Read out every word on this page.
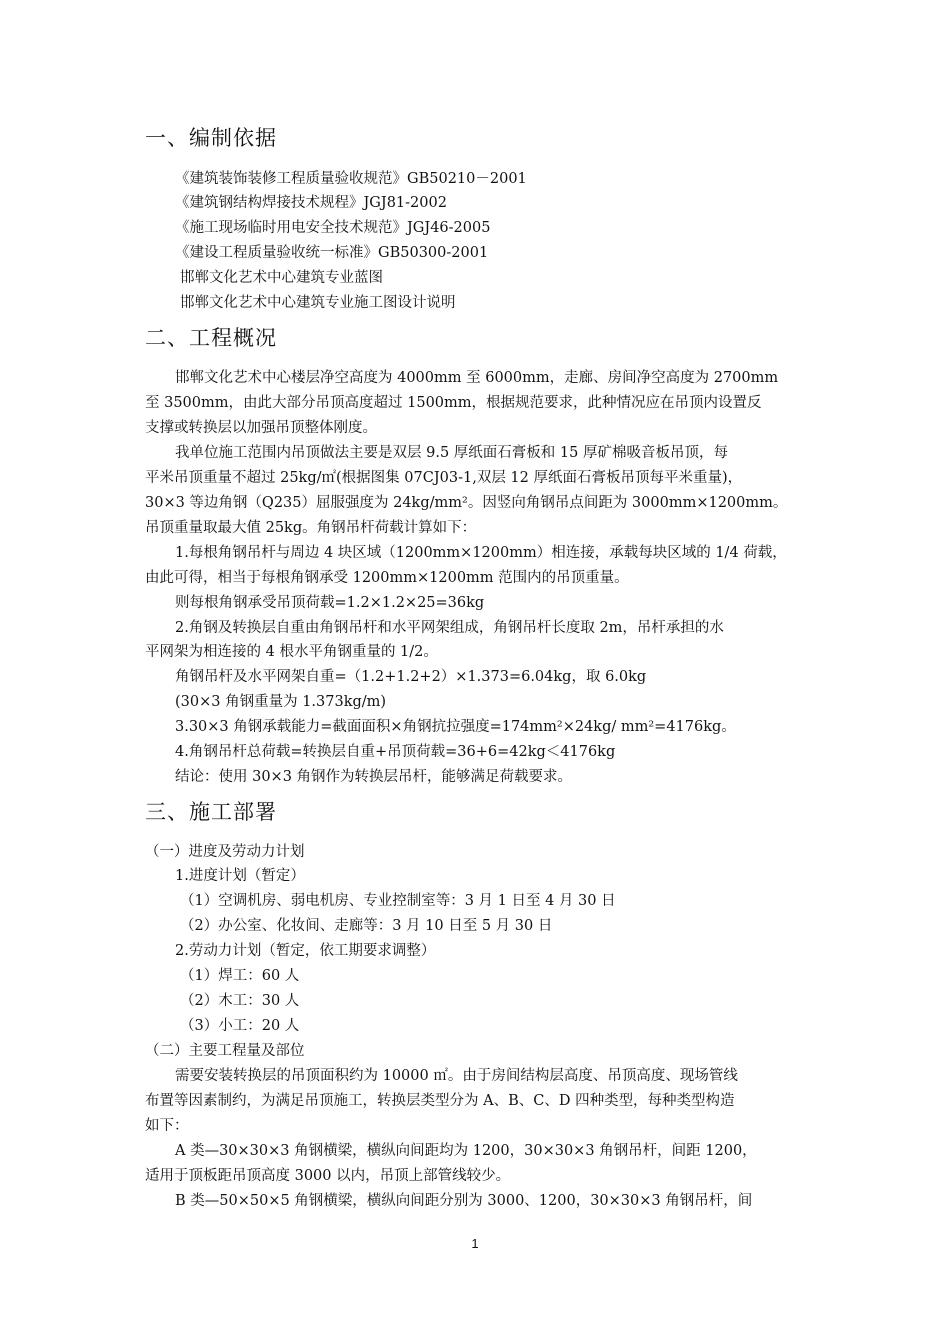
一、编制依据
《建筑装饰装修工程质量验收规范》GB50210－2001
《建筑钢结构焊接技术规程》JGJ81-2002
《施工现场临时用电安全技术规范》JGJ46-2005
《建设工程质量验收统一标准》GB50300-2001
邯郸文化艺术中心建筑专业蓝图
邯郸文化艺术中心建筑专业施工图设计说明
二、工程概况
邯郸文化艺术中心楼层净空高度为 4000mm 至 6000mm，走廊、房间净空高度为 2700mm
至 3500mm，由此大部分吊顶高度超过 1500mm，根据规范要求，此种情况应在吊顶内设置反
支撑或转换层以加强吊顶整体刚度。
我单位施工范围内吊顶做法主要是双层 9.5 厚纸面石膏板和 15 厚矿棉吸音板吊顶，每
平米吊顶重量不超过 25kg/㎡(根据图集 07CJ03-1,双层 12 厚纸面石膏板吊顶每平米重量)，
30×3 等边角钢（Q235）屈服强度为 24kg/mm²。因竖向角钢吊点间距为 3000mm×1200mm。
吊顶重量取最大值 25kg。角钢吊杆荷载计算如下：
1.每根角钢吊杆与周边 4 块区域（1200mm×1200mm）相连接，承载每块区域的 1/4 荷载，
由此可得，相当于每根角钢承受 1200mm×1200mm 范围内的吊顶重量。
则每根角钢承受吊顶荷载=1.2×1.2×25=36kg
2.角钢及转换层自重由角钢吊杆和水平网架组成，角钢吊杆长度取 2m，吊杆承担的水
平网架为相连接的 4 根水平角钢重量的 1/2。
角钢吊杆及水平网架自重=（1.2+1.2+2）×1.373=6.04kg，取 6.0kg
(30×3 角钢重量为 1.373kg/m)
3.30×3 角钢承载能力=截面面积×角钢抗拉强度=174mm²×24kg/ mm²=4176kg。
4.角钢吊杆总荷载=转换层自重+吊顶荷载=36+6=42kg＜4176kg
结论：使用 30×3 角钢作为转换层吊杆，能够满足荷载要求。
三、施工部署
（一）进度及劳动力计划
1.进度计划（暂定）
（1）空调机房、弱电机房、专业控制室等：3 月 1 日至 4 月 30 日
（2）办公室、化妆间、走廊等：3 月 10 日至 5 月 30 日
2.劳动力计划（暂定，依工期要求调整）
（1）焊工：60 人
（2）木工：30 人
（3）小工：20 人
（二）主要工程量及部位
需要安装转换层的吊顶面积约为 10000 ㎡。由于房间结构层高度、吊顶高度、现场管线
布置等因素制约，为满足吊顶施工，转换层类型分为 A、B、C、D 四种类型，每种类型构造
如下：
A 类—30×30×3 角钢横梁，横纵向间距均为 1200，30×30×3 角钢吊杆，间距 1200，
适用于顶板距吊顶高度 3000 以内，吊顶上部管线较少。
B 类—50×50×5 角钢横梁，横纵向间距分别为 3000、1200，30×30×3 角钢吊杆，间
1
